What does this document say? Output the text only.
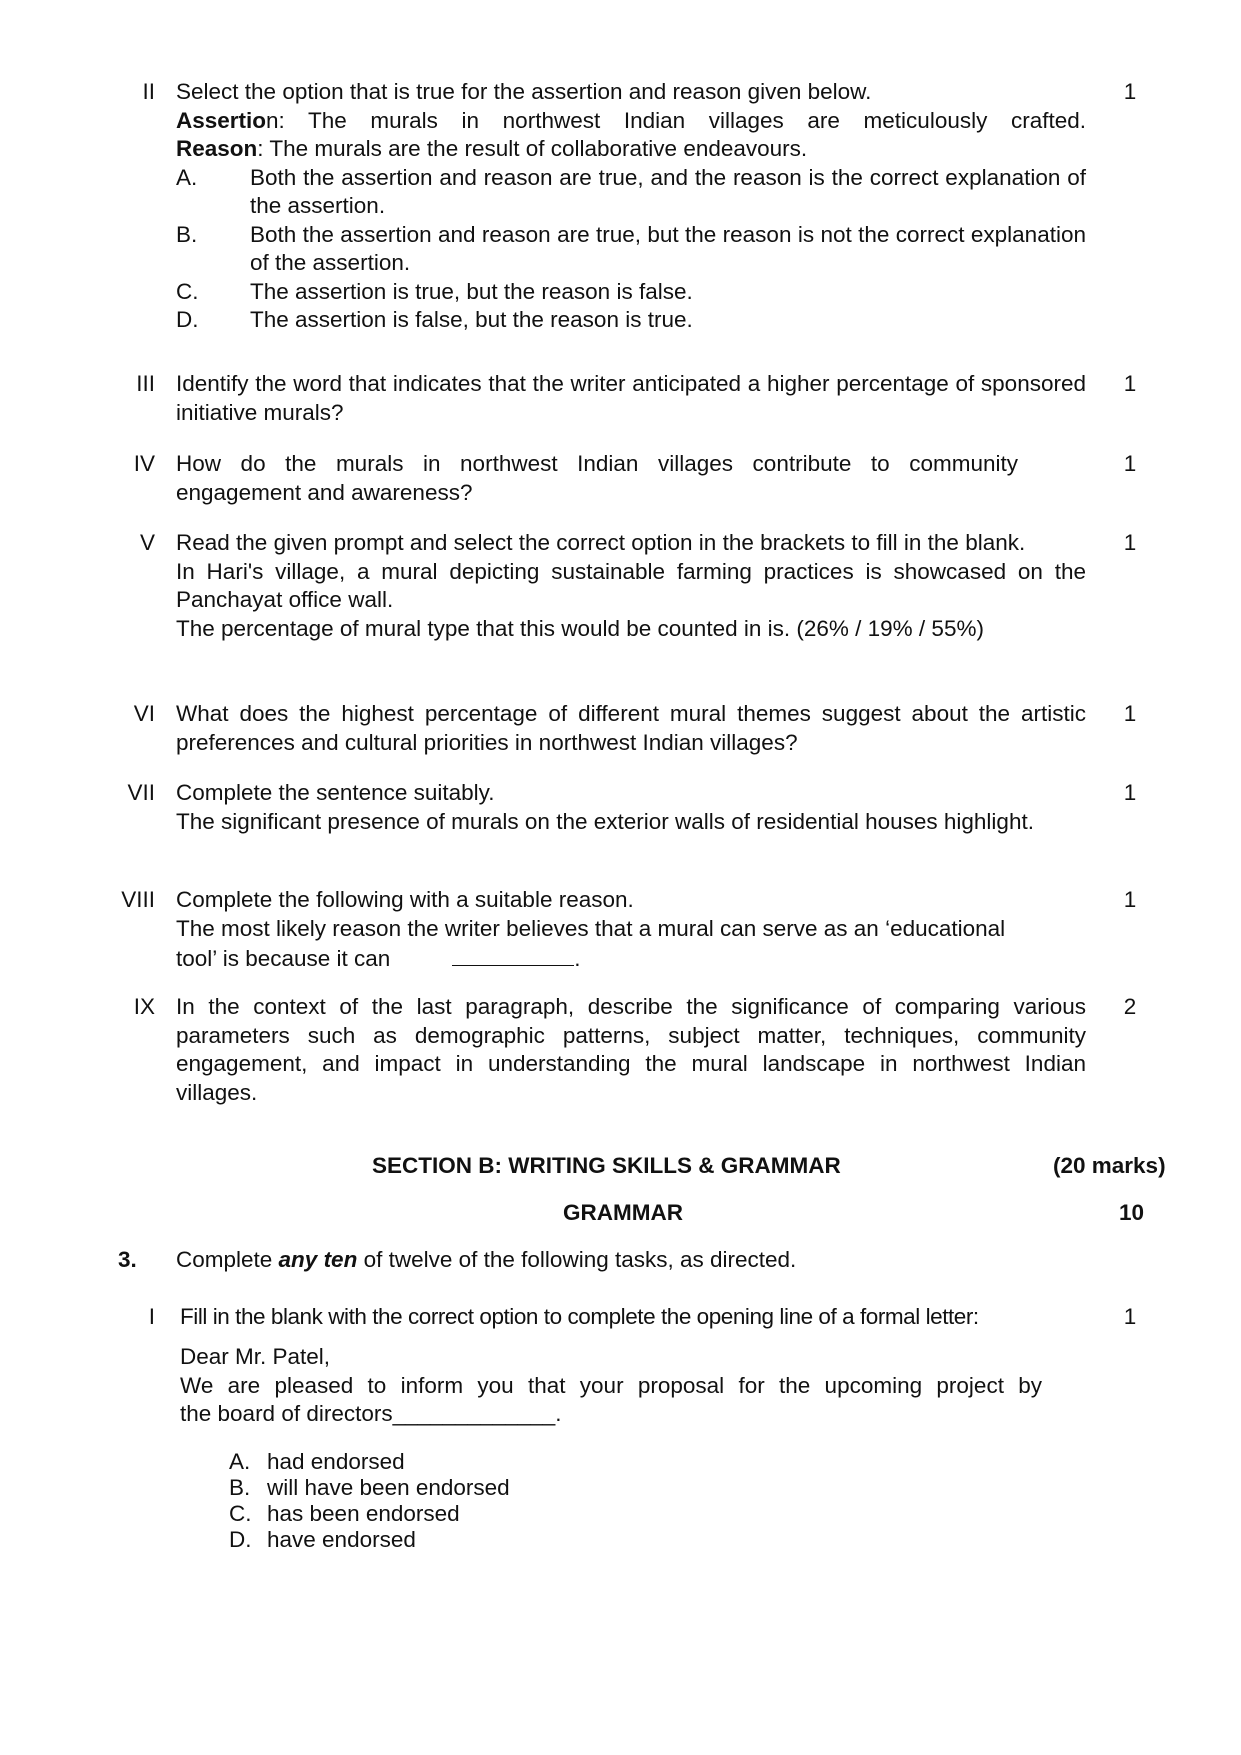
II Select the option that is true for the assertion and reason given below.
Assertion: The murals in northwest Indian villages are meticulously crafted.
Reason: The murals are the result of collaborative endeavours.
A. Both the assertion and reason are true, and the reason is the correct explanation of the assertion.
B. Both the assertion and reason are true, but the reason is not the correct explanation of the assertion.
C. The assertion is true, but the reason is false.
D. The assertion is false, but the reason is true.
1
III Identify the word that indicates that the writer anticipated a higher percentage of sponsored initiative murals?
1
IV How do the murals in northwest Indian villages contribute to community
engagement and awareness?
1
V Read the given prompt and select the correct option in the brackets to fill in the blank.
In Hari's village, a mural depicting sustainable farming practices is showcased on the Panchayat office wall.
The percentage of mural type that this would be counted in is. (26% / 19% / 55%)
1
VI What does the highest percentage of different mural themes suggest about the artistic preferences and cultural priorities in northwest Indian villages?
1
VII Complete the sentence suitably.
The significant presence of murals on the exterior walls of residential houses highlight.
1
VIII Complete the following with a suitable reason.
The most likely reason the writer believes that a mural can serve as an ‘educational
tool’ is because it can	.
1
IX In the context of the last paragraph, describe the significance of comparing various parameters such as demographic patterns, subject matter, techniques, community engagement, and impact in understanding the mural landscape in northwest Indian villages.
2
SECTION B: WRITING SKILLS & GRAMMAR	(20 marks)
GRAMMAR	10
3. Complete any ten of twelve of the following tasks, as directed.
I Fill in the blank with the correct option to complete the opening line of a formal letter:	1
Dear Mr. Patel,
We are pleased to inform you that your proposal for the upcoming project by
the board of directors_____________.
A. had endorsed
B. will have been endorsed
C. has been endorsed
D. have endorsed
